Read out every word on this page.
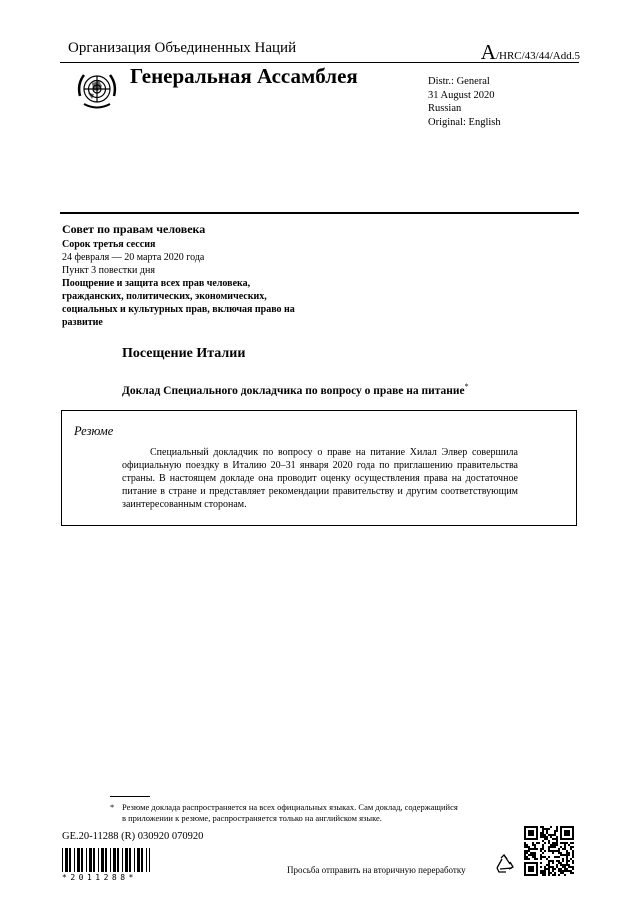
Организация Объединенных Наций	A/HRC/43/44/Add.5
Генеральная Ассамблея	Distr.: General
31 August 2020
Russian
Original: English
Совет по правам человека
Сорок третья сессия
24 февраля — 20 марта 2020 года
Пункт 3 повестки дня
Поощрение и защита всех прав человека, гражданских, политических, экономических, социальных и культурных прав, включая право на развитие
Посещение Италии
Доклад Специального докладчика по вопросу о праве на питание*
Резюме
Специальный докладчик по вопросу о праве на питание Хилал Элвер совершила официальную поездку в Италию 20–31 января 2020 года по приглашению правительства страны. В настоящем докладе она проводит оценку осуществления права на достаточное питание в стране и представляет рекомендации правительству и другим соответствующим заинтересованным сторонам.
* Резюме доклада распространяется на всех официальных языках. Сам доклад, содержащийся
в приложении к резюме, распространяется только на английском языке.
GE.20-11288 (R) 030920 070920
*2011288*
Просьба отправить на вторичную переработку
